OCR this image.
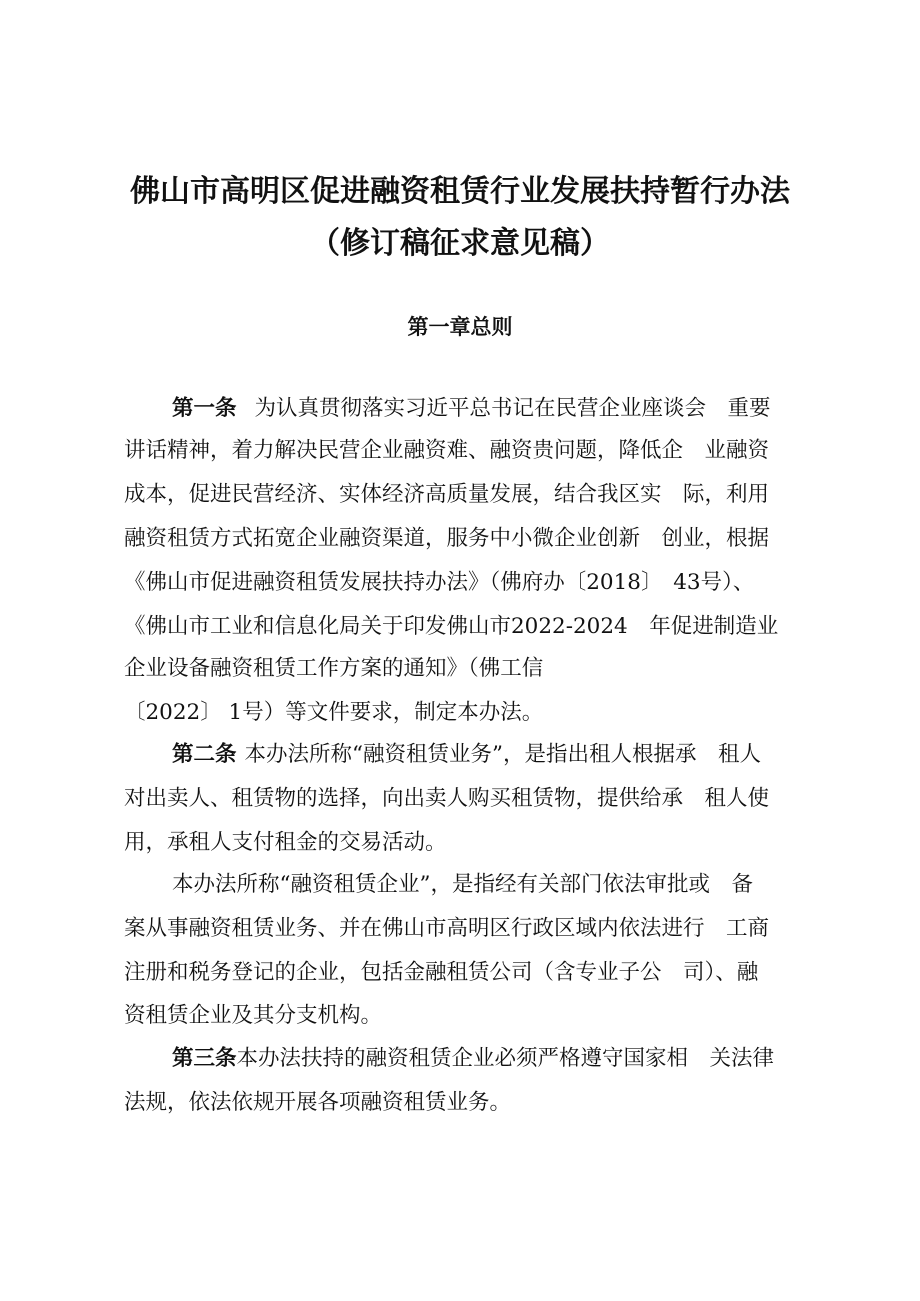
佛山市高明区促进融资租赁行业发展扶持暂行办法
（修订稿征求意见稿）
第一章总则
第一条 为认真贯彻落实习近平总书记在民营企业座谈会　重要
讲话精神，着力解决民营企业融资难、融资贵问题，降低企　业融资
成本，促进民营经济、实体经济高质量发展，结合我区实　际，利用
融资租赁方式拓宽企业融资渠道，服务中小微企业创新　创业，根据
《佛山市促进融资租赁发展扶持办法》（佛府办〔2018〕　43号）、
《佛山市工业和信息化局关于印发佛山市2022-2024　年促进制造业
企业设备融资租赁工作方案的通知》（佛工信
〔2022〕 1号）等文件要求，制定本办法。
第二条 本办法所称“融资租赁业务”，是指出租人根据承　租人
对出卖人、租赁物的选择，向出卖人购买租赁物，提供给承　租人使
用，承租人支付租金的交易活动。
本办法所称“融资租赁企业”，是指经有关部门依法审批或　备
案从事融资租赁业务、并在佛山市高明区行政区域内依法进行　工商
注册和税务登记的企业，包括金融租赁公司（含专业子公　司）、融
资租赁企业及其分支机构。
第三条本办法扶持的融资租赁企业必须严格遵守国家相　关法律
法规，依法依规开展各项融资租赁业务。
